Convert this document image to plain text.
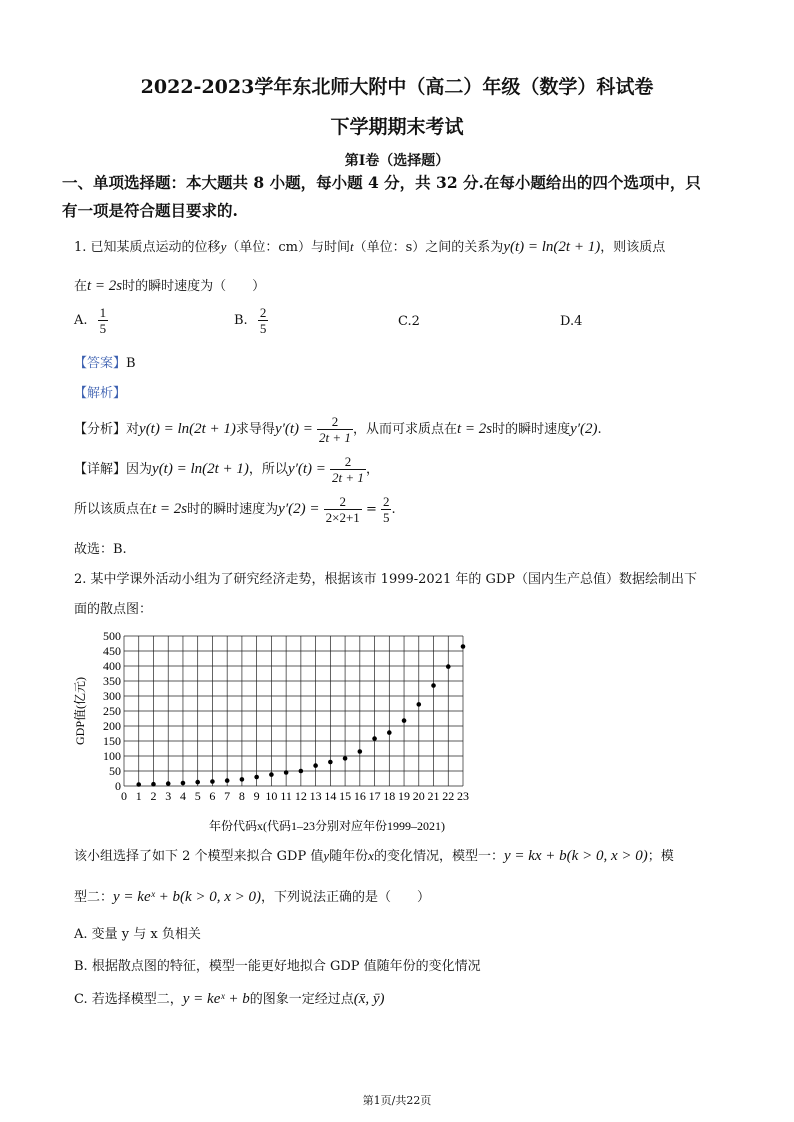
2022-2023学年东北师大附中（高二）年级（数学）科试卷
下学期期末考试
第I卷（选择题）
一、单项选择题：本大题共 8 小题，每小题 4 分，共 32 分.在每小题给出的四个选项中，只
有一项是符合题目要求的.
1. 已知某质点运动的位移y（单位：cm）与时间t（单位：s）之间的关系为y(t) = ln(2t + 1)，则该质点
在t = 2s时的瞬时速度为（　　）
A. $\frac{1}{5}$	B. $\frac{2}{5}$	C.2	D.4
【答案】B
【解析】
【分析】对y(t) = ln(2t + 1)求导得$y'(t) = \frac{2}{2t + 1}$ ，从而可求质点在t = 2s时的瞬时速度y′(2).
【详解】因为y(t) = ln(2t + 1)，所以$y'(t) = \frac{2}{2t + 1}$ ，
所以该质点在t = 2s时的瞬时速度为$y'(2) = \frac{2}{2\times 2+1} = \frac{2}{5}$ .
故选：B.
2. 某中学课外活动小组为了研究经济走势，根据该市 1999-2021 年的 GDP（国内生产总值）数据绘制出下
面的散点图：
500
450
400
350
300
250
200
150
100
50
0
0 1 2 3 4 5 6 7 8 9 10 11 12 13 14 15 16 17 18 19 20 21 22 23
GDP值(亿元)
年份代码x(代码1–23分别对应年份1999–2021)
该小组选择了如下 2 个模型来拟合 GDP 值y随年份x的变化情况，模型一：y = kx + b(k > 0, x > 0)；模
型二：y = keˣ + b(k > 0, x > 0)，下列说法正确的是（　　）
A. 变量 y 与 x 负相关
B. 根据散点图的特征，模型一能更好地拟合 GDP 值随年份的变化情况
C. 若选择模型二，y = keˣ + b的图象一定经过点(x̄, ȳ)
第1页/共22页
